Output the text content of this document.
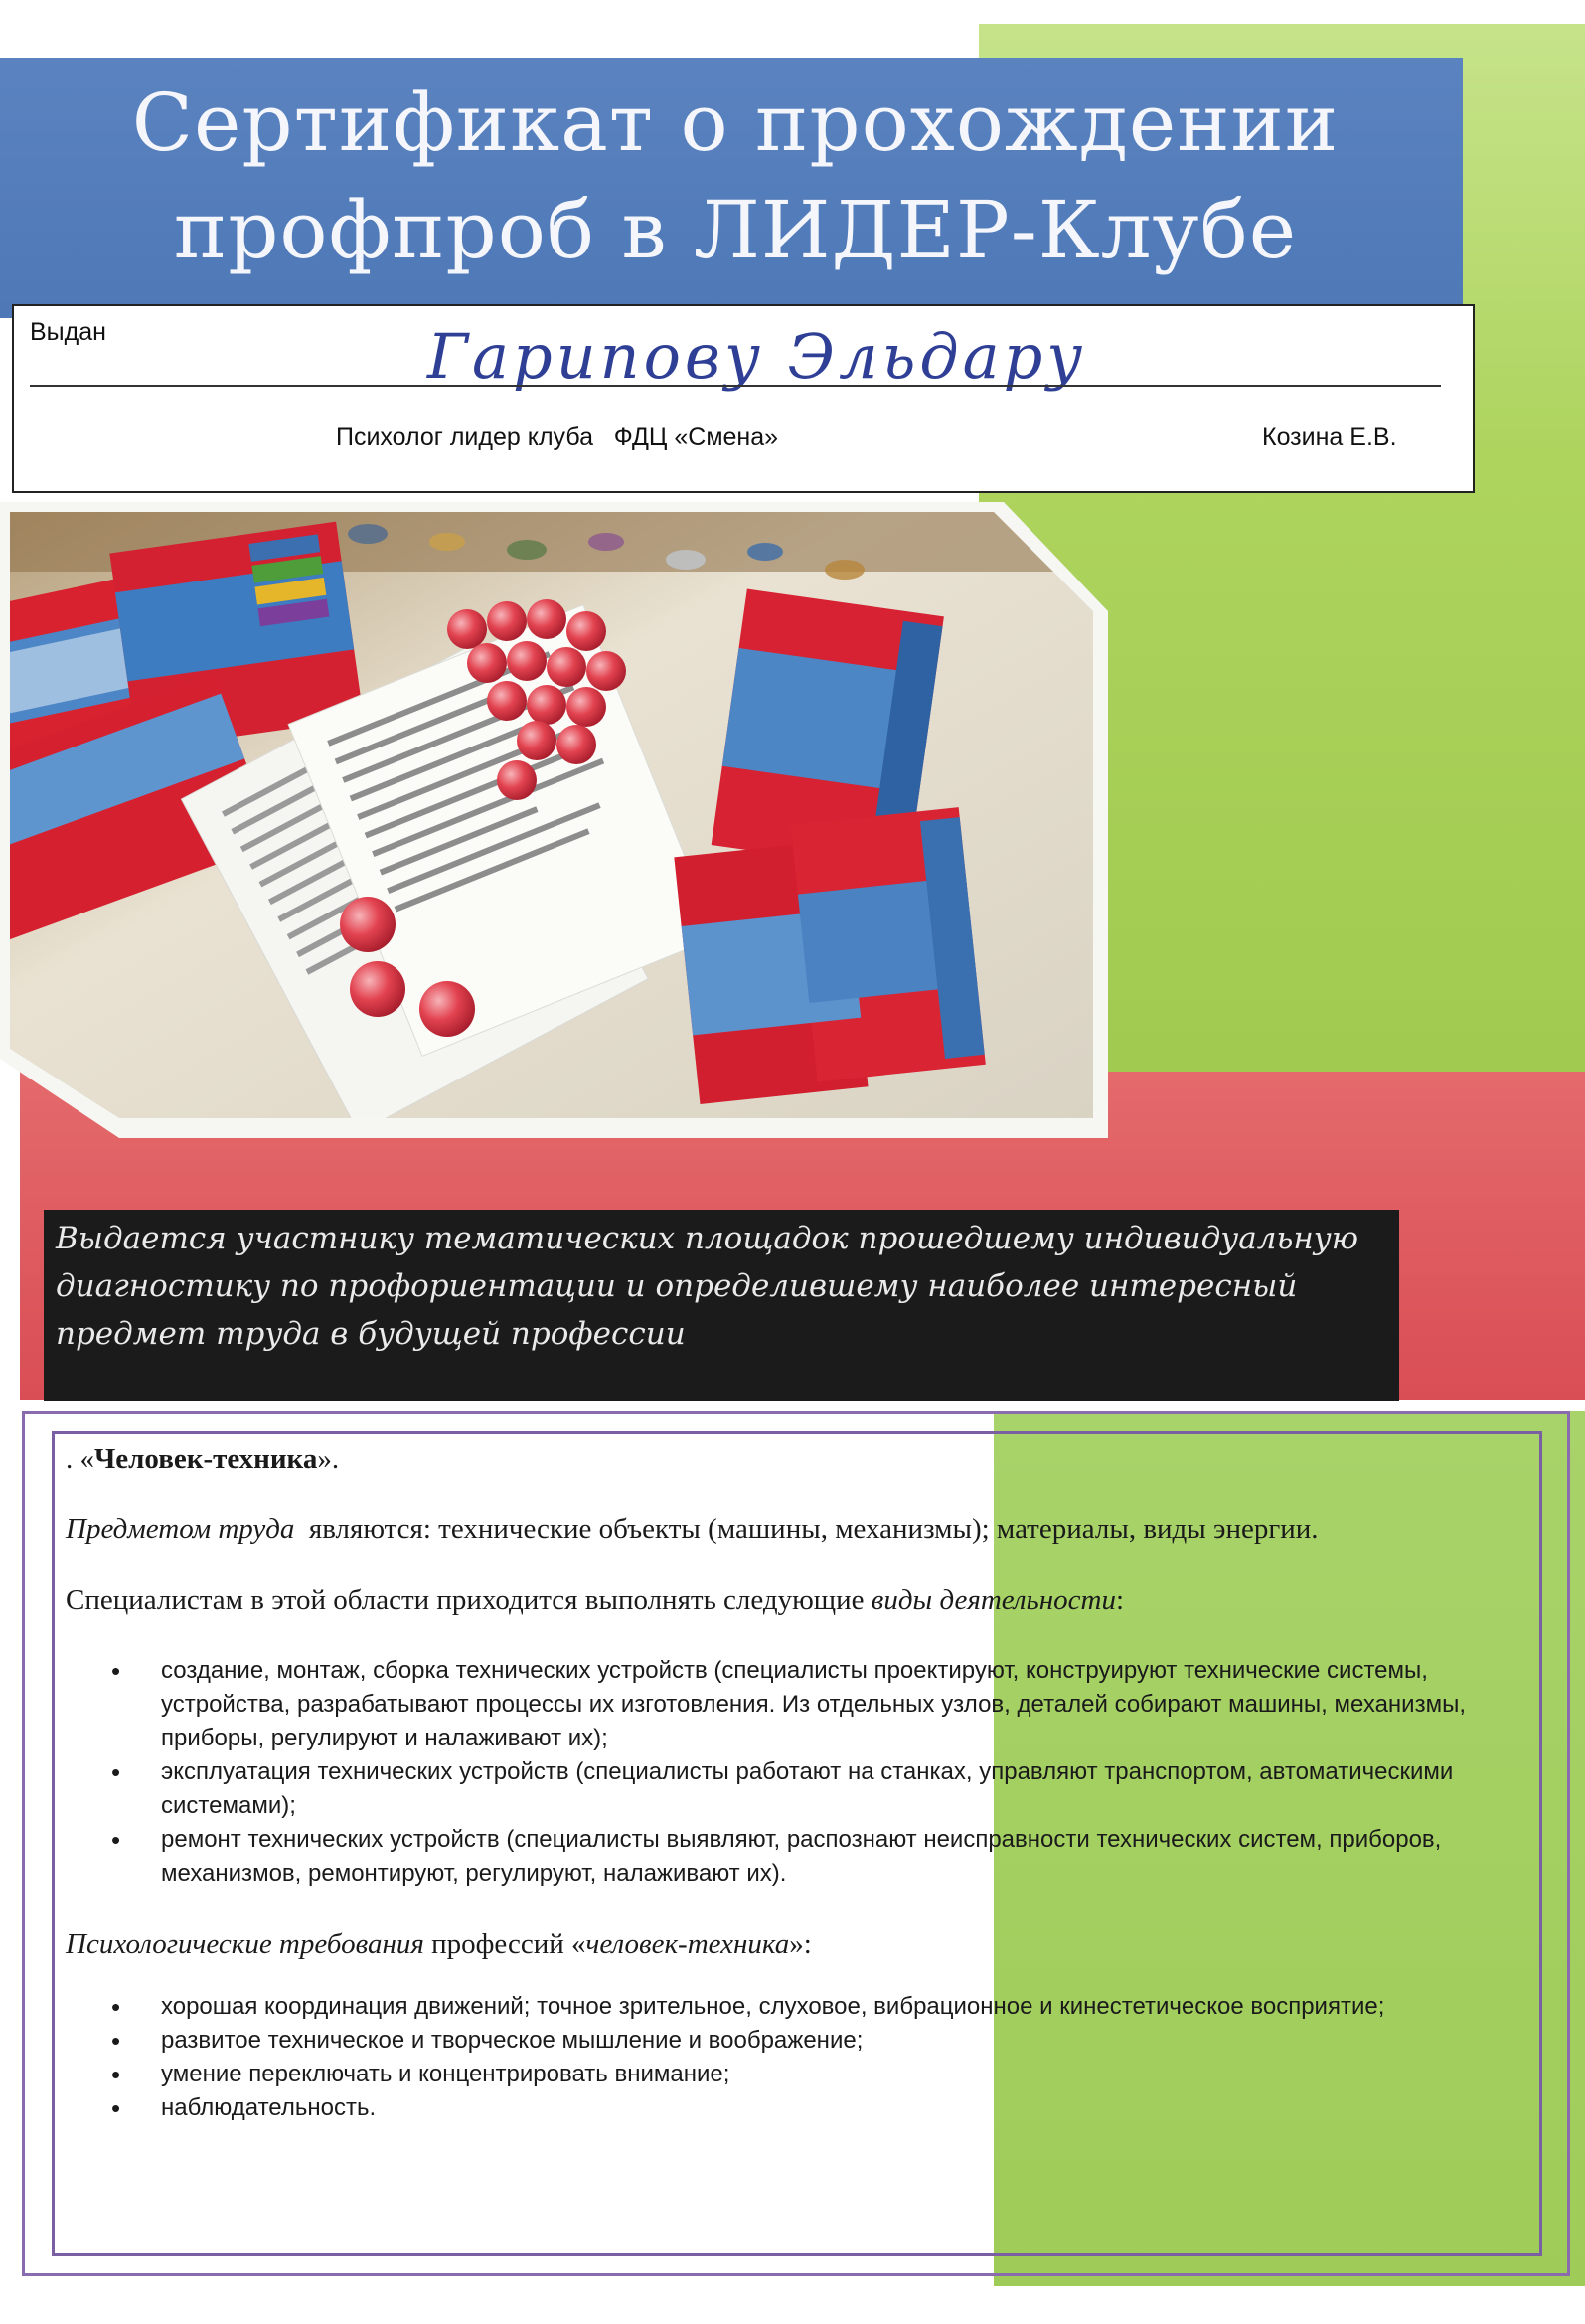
Сертификат о прохождении
профпроб в ЛИДЕР-Клубе
Выдан	Гарипову Эльдару
Психолог лидер клуба   ФДЦ «Смена»	Козина Е.В.
Выдается участнику тематических площадок прошедшему индивидуальную диагностику по профориентации и определившему наиболее интересный предмет труда в будущей профессии

. «Человек-техника».

Предметом труда  являются: технические объекты (машины, механизмы); материалы, виды энергии.

Специалистам в этой области приходится выполнять следующие виды деятельности:

• создание, монтаж, сборка технических устройств (специалисты проектируют, конструируют технические системы, устройства, разрабатывают процессы их изготовления. Из отдельных узлов, деталей собирают машины, механизмы, приборы, регулируют и налаживают их);
• эксплуатация технических устройств (специалисты работают на станках, управляют транспортом, автоматическими системами);
• ремонт технических устройств (специалисты выявляют, распознают неисправности технических систем, приборов, механизмов, ремонтируют, регулируют, налаживают их).

Психологические требования профессий «человек-техника»:

• хорошая координация движений; точное зрительное, слуховое, вибрационное и кинестетическое восприятие;
• развитое техническое и творческое мышление и воображение;
• умение переключать и концентрировать внимание;
• наблюдательность.
